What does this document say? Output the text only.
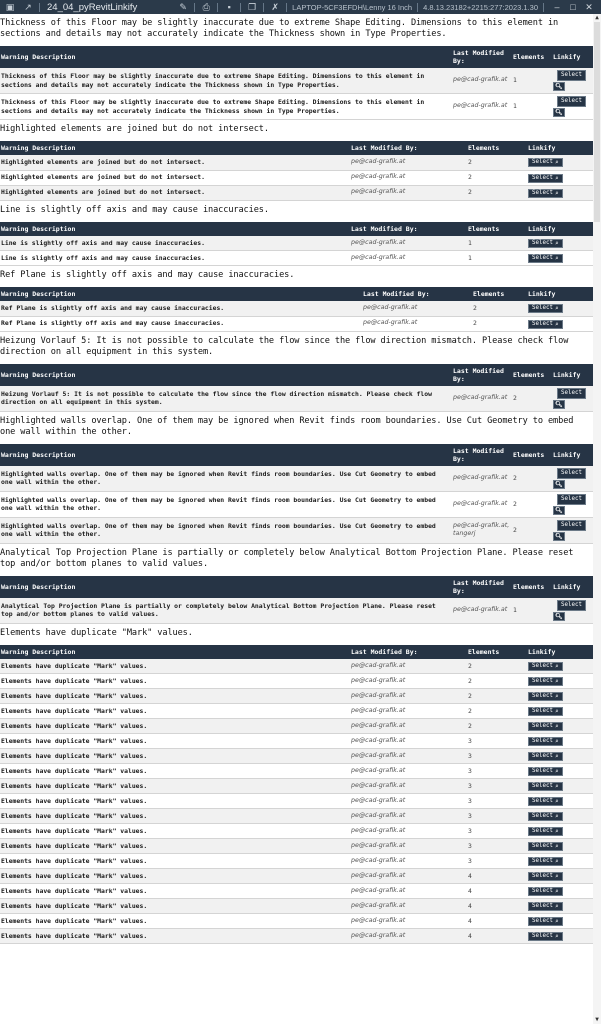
▣ ↗ 24_04_pyRevitLinkify	✎ ⎙	▪	❐ ✗ LAPTOP-5CF3EFDH\Lenny 16 Inch 4.8.13.23182+2215:277:2023.1.30	–	□	✕
Thickness of this Floor may be slightly inaccurate due to extreme Shape Editing. Dimensions to this element in sections and details may not accurately indicate the Thickness shown in Type Properties.
Warning Description	Last Modified By:	Elements	Linkify
Thickness of this Floor may be slightly inaccurate due to extreme Shape Editing. Dimensions to this element in sections and details may not accurately indicate the Thickness shown in Type Properties.	pe@cad-grafik.at	1	Select
🔍︎

Thickness of this Floor may be slightly inaccurate due to extreme Shape Editing. Dimensions to this element in sections and details may not accurately indicate the Thickness shown in Type Properties.	pe@cad-grafik.at	1	Select
🔍︎
Highlighted elements are joined but do not intersect.
Warning Description	Last Modified By:	Elements	Linkify
Highlighted elements are joined but do not intersect.	pe@cad-grafik.at	2	Select ⌕

Highlighted elements are joined but do not intersect.	pe@cad-grafik.at	2	Select ⌕

Highlighted elements are joined but do not intersect.	pe@cad-grafik.at	2	Select ⌕
Line is slightly off axis and may cause inaccuracies.
Warning Description	Last Modified By:	Elements	Linkify
Line is slightly off axis and may cause inaccuracies.	pe@cad-grafik.at	1	Select ⌕

Line is slightly off axis and may cause inaccuracies.	pe@cad-grafik.at	1	Select ⌕
Ref Plane is slightly off axis and may cause inaccuracies.
Warning Description	Last Modified By:	Elements	Linkify
Ref Plane is slightly off axis and may cause inaccuracies.	pe@cad-grafik.at	2	Select ⌕

Ref Plane is slightly off axis and may cause inaccuracies.	pe@cad-grafik.at	2	Select ⌕
Heizung Vorlauf 5: It is not possible to calculate the flow since the flow direction mismatch. Please check flow direction on all equipment in this system.
Warning Description	Last Modified By:	Elements	Linkify
Heizung Vorlauf 5: It is not possible to calculate the flow since the flow direction mismatch. Please check flow direction on all equipment in this system.	pe@cad-grafik.at	2	Select
🔍︎
Highlighted walls overlap. One of them may be ignored when Revit finds room boundaries. Use Cut Geometry to embed one wall within the other.
Warning Description	Last Modified By:	Elements	Linkify
Highlighted walls overlap. One of them may be ignored when Revit finds room boundaries. Use Cut Geometry to embed one wall within the other.	pe@cad-grafik.at	2	Select
🔍︎

Highlighted walls overlap. One of them may be ignored when Revit finds room boundaries. Use Cut Geometry to embed one wall within the other.	pe@cad-grafik.at	2	Select
🔍︎

Highlighted walls overlap. One of them may be ignored when Revit finds room boundaries. Use Cut Geometry to embed one wall within the other.	pe@cad-grafik.at, tangerj	2	Select
🔍︎
Analytical Top Projection Plane is partially or completely below Analytical Bottom Projection Plane. Please reset top and/or bottom planes to valid values.
Warning Description	Last Modified By:	Elements	Linkify
Analytical Top Projection Plane is partially or completely below Analytical Bottom Projection Plane. Please reset top and/or bottom planes to valid values.	pe@cad-grafik.at	1	Select
🔍︎
Elements have duplicate "Mark" values.
Warning Description	Last Modified By:	Elements	Linkify
Elements have duplicate "Mark" values.	pe@cad-grafik.at	2	Select ⌕

Elements have duplicate "Mark" values.	pe@cad-grafik.at	2	Select ⌕

Elements have duplicate "Mark" values.	pe@cad-grafik.at	2	Select ⌕

Elements have duplicate "Mark" values.	pe@cad-grafik.at	2	Select ⌕

Elements have duplicate "Mark" values.	pe@cad-grafik.at	2	Select ⌕

Elements have duplicate "Mark" values.	pe@cad-grafik.at	3	Select ⌕

Elements have duplicate "Mark" values.	pe@cad-grafik.at	3	Select ⌕

Elements have duplicate "Mark" values.	pe@cad-grafik.at	3	Select ⌕

Elements have duplicate "Mark" values.	pe@cad-grafik.at	3	Select ⌕

Elements have duplicate "Mark" values.	pe@cad-grafik.at	3	Select ⌕

Elements have duplicate "Mark" values.	pe@cad-grafik.at	3	Select ⌕

Elements have duplicate "Mark" values.	pe@cad-grafik.at	3	Select ⌕

Elements have duplicate "Mark" values.	pe@cad-grafik.at	3	Select ⌕

Elements have duplicate "Mark" values.	pe@cad-grafik.at	3	Select ⌕

Elements have duplicate "Mark" values.	pe@cad-grafik.at	4	Select ⌕

Elements have duplicate "Mark" values.	pe@cad-grafik.at	4	Select ⌕

Elements have duplicate "Mark" values.	pe@cad-grafik.at	4	Select ⌕

Elements have duplicate "Mark" values.	pe@cad-grafik.at	4	Select ⌕

Elements have duplicate "Mark" values.	pe@cad-grafik.at	4	Select ⌕
▲
▼
